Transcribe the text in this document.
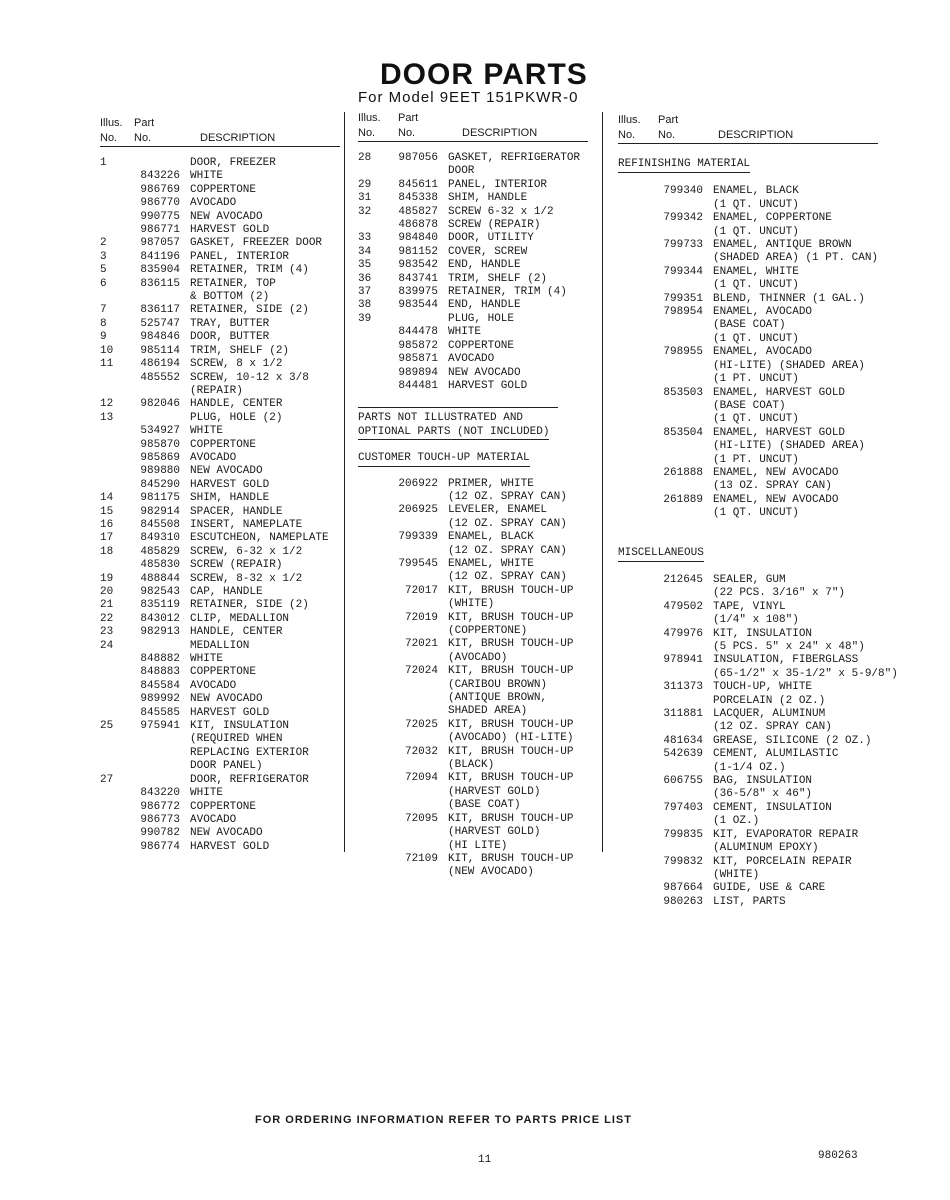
DOOR PARTS
For Model 9EET 151PKWR-0
Illus. Part
No. No.	DESCRIPTION
1	DOOR, FREEZER
843226 WHITE
986769 COPPERTONE
986770 AVOCADO
990775 NEW AVOCADO
986771 HARVEST GOLD
2	987057 GASKET, FREEZER DOOR
3	841196 PANEL, INTERIOR
5	835904 RETAINER, TRIM (4)
6	836115 RETAINER, TOP
& BOTTOM (2)
7	836117 RETAINER, SIDE (2)
8	525747 TRAY, BUTTER
9	984846 DOOR, BUTTER
10	985114 TRIM, SHELF (2)
11	486194 SCREW, 8 x 1/2
485552 SCREW, 10-12 x 3/8
(REPAIR)
12	982046 HANDLE, CENTER
13	PLUG, HOLE (2)
534927 WHITE
985870 COPPERTONE
985869 AVOCADO
989880 NEW AVOCADO
845290 HARVEST GOLD
14	981175 SHIM, HANDLE
15	982914 SPACER, HANDLE
16	845508 INSERT, NAMEPLATE
17	849310 ESCUTCHEON, NAMEPLATE
18	485829 SCREW, 6-32 x 1/2
485830 SCREW (REPAIR)
19	488844 SCREW, 8-32 x 1/2
20	982543 CAP, HANDLE
21	835119 RETAINER, SIDE (2)
22	843012 CLIP, MEDALLION
23	982913 HANDLE, CENTER
24	MEDALLION
848882 WHITE
848883 COPPERTONE
845584 AVOCADO
989992 NEW AVOCADO
845585 HARVEST GOLD
25	975941 KIT, INSULATION
(REQUIRED WHEN
REPLACING EXTERIOR
DOOR PANEL)
27	DOOR, REFRIGERATOR
843220 WHITE
986772 COPPERTONE
986773 AVOCADO
990782 NEW AVOCADO
986774 HARVEST GOLD
Illus. Part
No. No.	DESCRIPTION
28	987056 GASKET, REFRIGERATOR
DOOR
29	845611 PANEL, INTERIOR
31	845338 SHIM, HANDLE
32	485827 SCREW 6-32 x 1/2
486878 SCREW (REPAIR)
33	984840 DOOR, UTILITY
34	981152 COVER, SCREW
35	983542 END, HANDLE
36	843741 TRIM, SHELF (2)
37	839975 RETAINER, TRIM (4)
38	983544 END, HANDLE
39	PLUG, HOLE
844478 WHITE
985872 COPPERTONE
985871 AVOCADO
989894 NEW AVOCADO
844481 HARVEST GOLD
PARTS NOT ILLUSTRATED AND
OPTIONAL PARTS (NOT INCLUDED)
CUSTOMER TOUCH-UP MATERIAL
206922 PRIMER, WHITE
(12 OZ. SPRAY CAN)
206925 LEVELER, ENAMEL
(12 OZ. SPRAY CAN)
799339 ENAMEL, BLACK
(12 OZ. SPRAY CAN)
799545 ENAMEL, WHITE
(12 OZ. SPRAY CAN)
72017 KIT, BRUSH TOUCH-UP
(WHITE)
72019 KIT, BRUSH TOUCH-UP
(COPPERTONE)
72021 KIT, BRUSH TOUCH-UP
(AVOCADO)
72024 KIT, BRUSH TOUCH-UP
(CARIBOU BROWN)
(ANTIQUE BROWN,
SHADED AREA)
72025 KIT, BRUSH TOUCH-UP
(AVOCADO) (HI-LITE)
72032 KIT, BRUSH TOUCH-UP
(BLACK)
72094 KIT, BRUSH TOUCH-UP
(HARVEST GOLD)
(BASE COAT)
72095 KIT, BRUSH TOUCH-UP
(HARVEST GOLD)
(HI LITE)
72109 KIT, BRUSH TOUCH-UP
(NEW AVOCADO)
Illus. Part
No. No.	DESCRIPTION
REFINISHING MATERIAL
799340 ENAMEL, BLACK
(1 QT. UNCUT)
799342 ENAMEL, COPPERTONE
(1 QT. UNCUT)
799733 ENAMEL, ANTIQUE BROWN
(SHADED AREA) (1 PT. CAN)
799344 ENAMEL, WHITE
(1 QT. UNCUT)
799351 BLEND, THINNER (1 GAL.)
798954 ENAMEL, AVOCADO
(BASE COAT)
(1 QT. UNCUT)
798955 ENAMEL, AVOCADO
(HI-LITE) (SHADED AREA)
(1 PT. UNCUT)
853503 ENAMEL, HARVEST GOLD
(BASE COAT)
(1 QT. UNCUT)
853504 ENAMEL, HARVEST GOLD
(HI-LITE) (SHADED AREA)
(1 PT. UNCUT)
261888 ENAMEL, NEW AVOCADO
(13 OZ. SPRAY CAN)
261889 ENAMEL, NEW AVOCADO
(1 QT. UNCUT)
MISCELLANEOUS
212645 SEALER, GUM
(22 PCS. 3/16" x 7")
479502 TAPE, VINYL
(1/4" x 108")
479976 KIT, INSULATION
(5 PCS. 5" x 24" x 48")
978941 INSULATION, FIBERGLASS
(65-1/2" x 35-1/2" x 5-9/8")
311373 TOUCH-UP, WHITE
PORCELAIN (2 OZ.)
311881 LACQUER, ALUMINUM
(12 OZ. SPRAY CAN)
481634 GREASE, SILICONE (2 OZ.)
542639 CEMENT, ALUMILASTIC
(1-1/4 OZ.)
606755 BAG, INSULATION
(36-5/8" x 46")
797403 CEMENT, INSULATION
(1 OZ.)
799835 KIT, EVAPORATOR REPAIR
(ALUMINUM EPOXY)
799832 KIT, PORCELAIN REPAIR
(WHITE)
987664 GUIDE, USE & CARE
980263 LIST, PARTS
FOR ORDERING INFORMATION REFER TO PARTS PRICE LIST
11	980263
